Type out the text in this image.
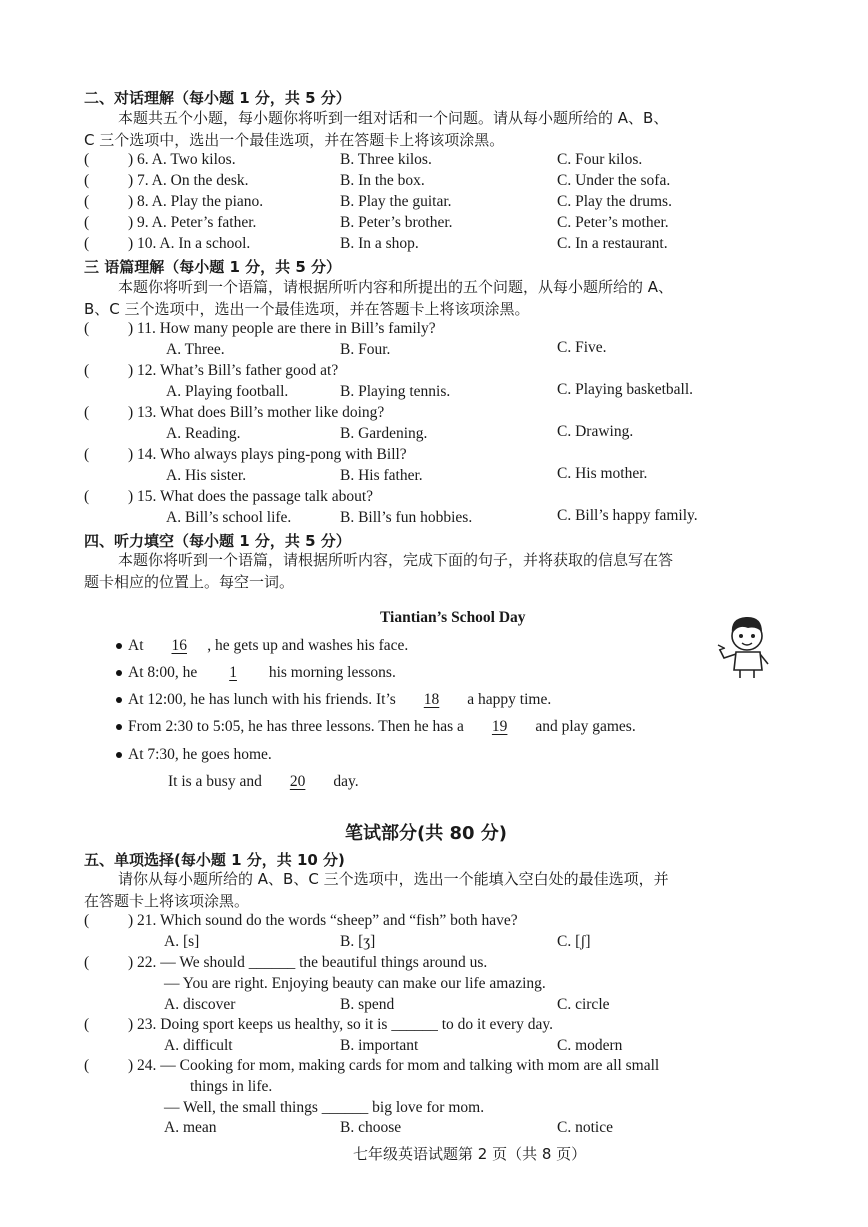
二、对话理解（每小题 1 分，共 5 分）
本题共五个小题，每小题你将听到一组对话和一个问题。请从每小题所给的 A、B、
C 三个选项中，选出一个最佳选项，并在答题卡上将该项涂黑。
(	) 6. A. Two kilos.	B. Three kilos.	C. Four kilos.
(	) 7. A. On the desk.	B. In the box.	C. Under the sofa.
(	) 8. A. Play the piano.	B. Play the guitar.	C. Play the drums.
(	) 9. A. Peter’s father.	B. Peter’s brother.	C. Peter’s mother.
(	) 10. A. In a school.	B. In a shop.	C. In a restaurant.
三 语篇理解（每小题 1 分，共 5 分）
本题你将听到一个语篇，请根据所听内容和所提出的五个问题，从每小题所给的 A、
B、C 三个选项中，选出一个最佳选项，并在答题卡上将该项涂黑。
(	) 11. How many people are there in Bill’s family?
A. Three.	B. Four.	C. Five.
(	) 12. What’s Bill’s father good at?
A. Playing football.	B. Playing tennis.	C. Playing basketball.
(	) 13. What does Bill’s mother like doing?
A. Reading.	B. Gardening.	C. Drawing.
(	) 14. Who always plays ping-pong with Bill?
A. His sister.	B. His father.	C. His mother.
(	) 15. What does the passage talk about?
A. Bill’s school life.	B. Bill’s fun hobbies.	C. Bill’s happy family.
四、听力填空（每小题 1 分，共 5 分）
本题你将听到一个语篇，请根据所听内容，完成下面的句子，并将获取的信息写在答
题卡相应的位置上。每空一词。
Tiantian’s School Day
At  16 , he gets up and washes his face.
At 8:00, he  1  his morning lessons.
At 12:00, he has lunch with his friends. It’s  18  a happy time.
From 2:30 to 5:05, he has three lessons. Then he has a  19  and play games.
At 7:30, he goes home.
It is a busy and  20  day.
笔试部分(共 80 分)
五、单项选择(每小题 1 分，共 10 分)
请你从每小题所给的 A、B、C 三个选项中，选出一个能填入空白处的最佳选项，并
在答题卡上将该项涂黑。
(	) 21. Which sound do the words “sheep” and “fish” both have?
A. [s]	B. [ʒ]	C. [ʃ]
(	) 22. — We should ______ the beautiful things around us.
— You are right. Enjoying beauty can make our life amazing.
A. discover	B. spend	C. circle
(	) 23. Doing sport keeps us healthy, so it is ______ to do it every day.
A. difficult	B. important	C. modern
(	) 24. — Cooking for mom, making cards for mom and talking with mom are all small
things in life.
— Well, the small things ______ big love for mom.
A. mean	B. choose	C. notice
七年级英语试题第 2 页（共 8 页）
